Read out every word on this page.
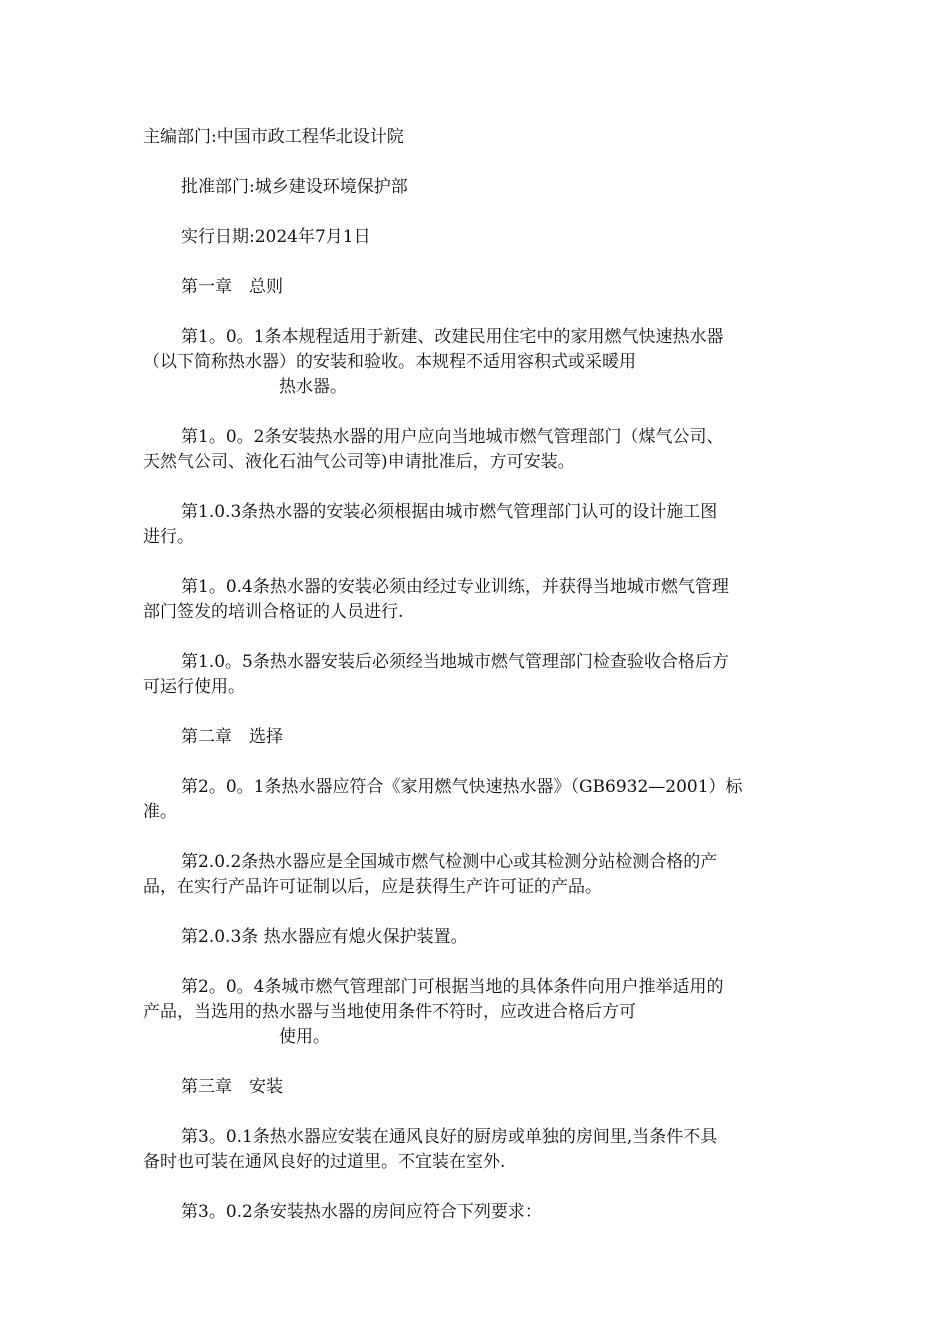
主编部门:中国市政工程华北设计院

批准部门:城乡建设环境保护部

实行日期:2024年7月1日

第一章　总则

第1。0。1条本规程适用于新建、改建民用住宅中的家用燃气快速热水器
（以下简称热水器）的安装和验收。本规程不适用容积式或采暖用
热水器。

第1。0。2条安装热水器的用户应向当地城市燃气管理部门（煤气公司、
天然气公司、液化石油气公司等)申请批准后，方可安装。

第1.0.3条热水器的安装必须根据由城市燃气管理部门认可的设计施工图
进行。

第1。0.4条热水器的安装必须由经过专业训练，并获得当地城市燃气管理
部门签发的培训合格证的人员进行.

第1.0。5条热水器安装后必须经当地城市燃气管理部门检查验收合格后方
可运行使用。

第二章　选择

第2。0。1条热水器应符合《家用燃气快速热水器》（GB6932—2001）标
准。

第2.0.2条热水器应是全国城市燃气检测中心或其检测分站检测合格的产
品，在实行产品许可证制以后，应是获得生产许可证的产品。

第2.0.3条 热水器应有熄火保护装置。

第2。0。4条城市燃气管理部门可根据当地的具体条件向用户推举适用的
产品，当选用的热水器与当地使用条件不符时，应改进合格后方可
使用。

第三章　安装

第3。0.1条热水器应安装在通风良好的厨房或单独的房间里,当条件不具
备时也可装在通风良好的过道里。不宜装在室外.

第3。0.2条安装热水器的房间应符合下列要求：
